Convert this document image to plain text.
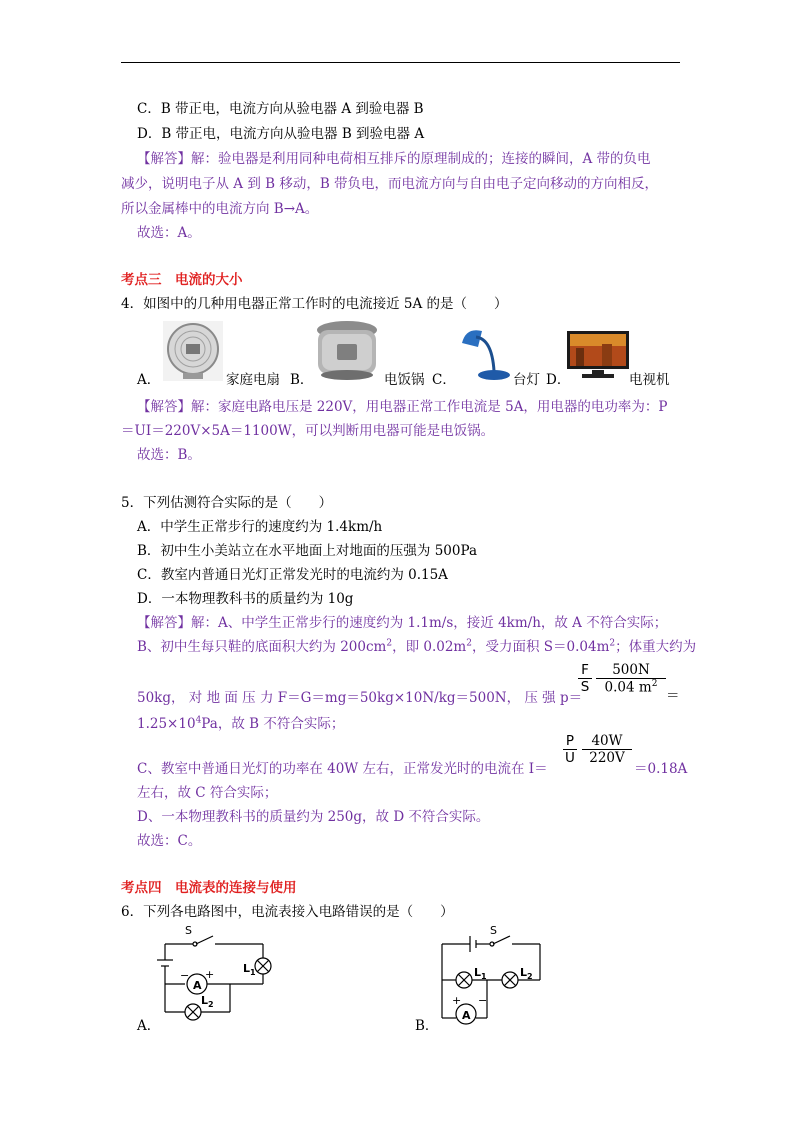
C．B 带正电，电流方向从验电器 A 到验电器 B
D．B 带正电，电流方向从验电器 B 到验电器 A
【解答】解：验电器是利用同种电荷相互排斥的原理制成的；连接的瞬间，A 带的负电
减少，说明电子从 A 到 B 移动，B 带负电，而电流方向与自由电子定向移动的方向相反，
所以金属棒中的电流方向 B→A。
故选：A。
考点三　电流的大小
4．如图中的几种用电器正常工作时的电流接近 5A 的是（　　）
A．	家庭电扇 B．	电饭锅 C．	台灯 D．	电视机
【解答】解：家庭电路电压是 220V，用电器正常工作电流是 5A，用电器的电功率为：P
＝UI＝220V×5A＝1100W，可以判断用电器可能是电饭锅。
故选：B。
5．下列估测符合实际的是（　　）
A．中学生正常步行的速度约为 1.4km/h
B．初中生小美站立在水平地面上对地面的压强为 500Pa
C．教室内普通日光灯正常发光时的电流约为 0.15A
D．一本物理教科书的质量约为 10g
【解答】解：A、中学生正常步行的速度约为 1.1m/s，接近 4km/h，故 A 不符合实际；
B、初中生每只鞋的底面积大约为 $200cm^2$，即 $0.02m^2$，受力面积 $S=0.04m^2$；体重大约为
50kg， 对 地 面 压 力 F＝G＝mg＝50kg×10N/kg＝500N， 压 强 p＝
$\frac{F}{S} \frac{500N}{0.04 m^2}$
＝
$1.25\times 10^4Pa$，故 B 不符合实际；
C、教室中普通日光灯的功率在 40W 左右，正常发光时的电流在 I＝
$\frac{P}{U} \frac{40W}{220V}$
＝0.18A
左右，故 C 符合实际；
D、一本物理教科书的质量约为 250g，故 D 不符合实际。
故选：C。
考点四　电流表的连接与使用
6．下列各电路图中，电流表接入电路错误的是（　　）
S
A
+
−
$L_1$
$L_2$
A．
S
A
+ −
$L_1$	$L_2$
B．
